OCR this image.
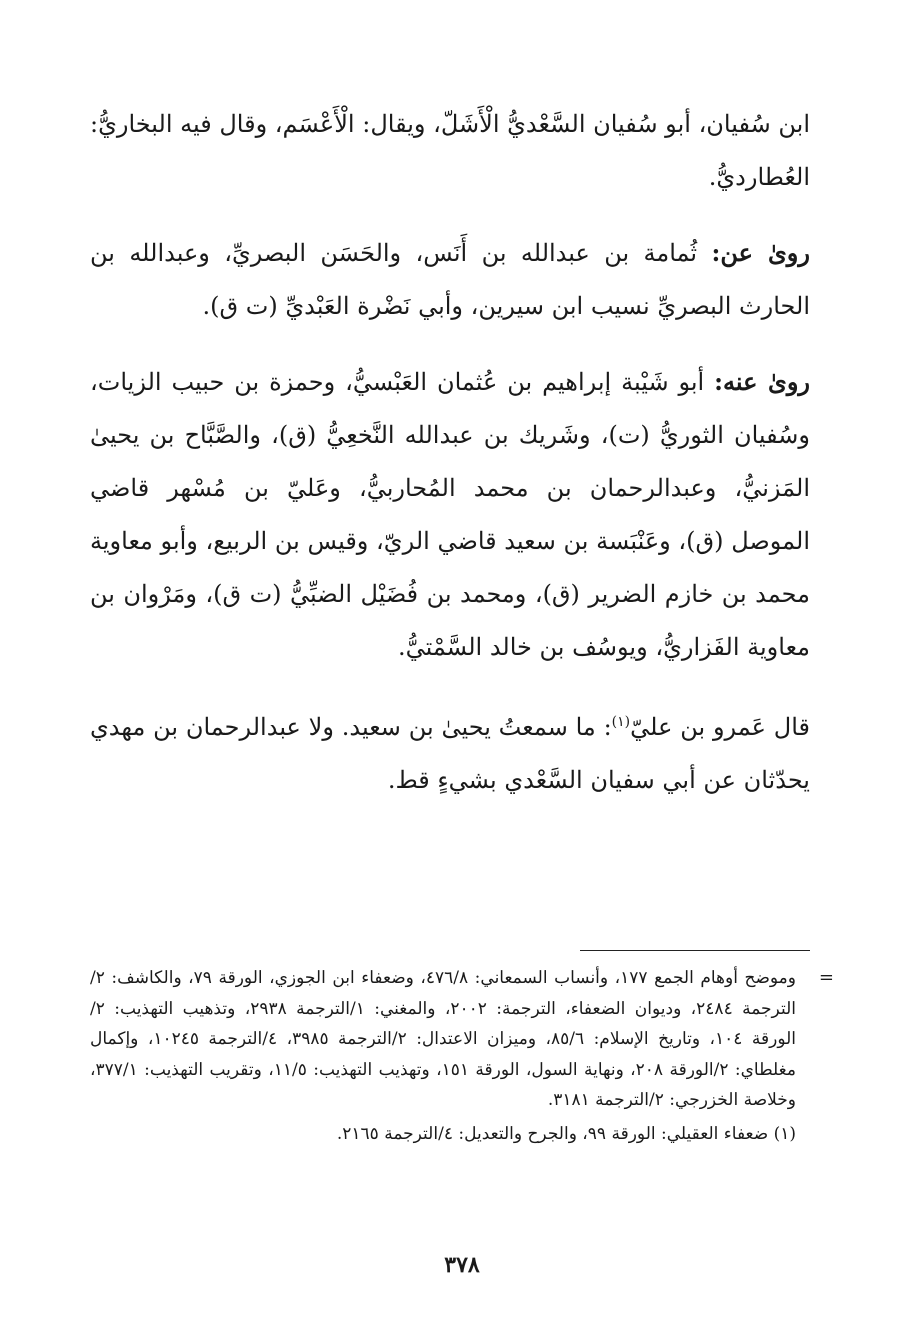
ابن سُفيان، أبو سُفيان السَّعْديُّ الْأَشَلّ، ويقال: الْأَعْسَم، وقال فيه البخاريُّ: العُطارديُّ.

روىٰ عن: ثُمامة بن عبدالله بن أَنَس، والحَسَن البصريِّ، وعبدالله بن الحارث البصريِّ نسيب ابن سيرين، وأبي نَضْرة العَبْديِّ (ت ق).

روىٰ عنه: أبو شَيْبة إبراهيم بن عُثمان العَبْسيُّ، وحمزة بن حبيب الزيات، وسُفيان الثوريُّ (ت)، وشَريك بن عبدالله النَّخعِيُّ (ق)، والصَّبَّاح بن يحيىٰ المَزنيُّ، وعبدالرحمان بن محمد المُحاربيُّ، وعَليّ بن مُسْهر قاضي الموصل (ق)، وعَنْبَسة بن سعيد قاضي الريّ، وقيس بن الربيع، وأبو معاوية محمد بن خازم الضرير (ق)، ومحمد بن فُضَيْل الضبِّيُّ (ت ق)، ومَرْوان بن معاوية الفَزاريُّ، ويوسُف بن خالد السَّمْتيُّ.

قال عَمرو بن عليّ$^{(١)}$: ما سمعتُ يحيىٰ بن سعيد. ولا عبدالرحمان بن مهدي يحدّثان عن أبي سفيان السَّعْدي بشيءٍ قط.

=
وموضح أوهام الجمع ١٧٧، وأنساب السمعاني: ٤٧٦/٨، وضعفاء ابن الجوزي، الورقة ٧٩، والكاشف: ٢/الترجمة ٢٤٨٤، وديوان الضعفاء، الترجمة: ٢٠٠٢، والمغني: ١/الترجمة ٢٩٣٨، وتذهيب التهذيب: ٢/الورقة ١٠٤، وتاريخ الإسلام: ٨٥/٦، وميزان الاعتدال: ٢/الترجمة ٣٩٨٥، ٤/الترجمة ١٠٢٤٥، وإكمال مغلطاي: ٢/الورقة ٢٠٨، ونهاية السول، الورقة ١٥١، وتهذيب التهذيب: ١١/٥، وتقريب التهذيب: ٣٧٧/١، وخلاصة الخزرجي: ٢/الترجمة ٣١٨١.
(١) ضعفاء العقيلي: الورقة ٩٩، والجرح والتعديل: ٤/الترجمة ٢١٦٥.
٣٧٨
